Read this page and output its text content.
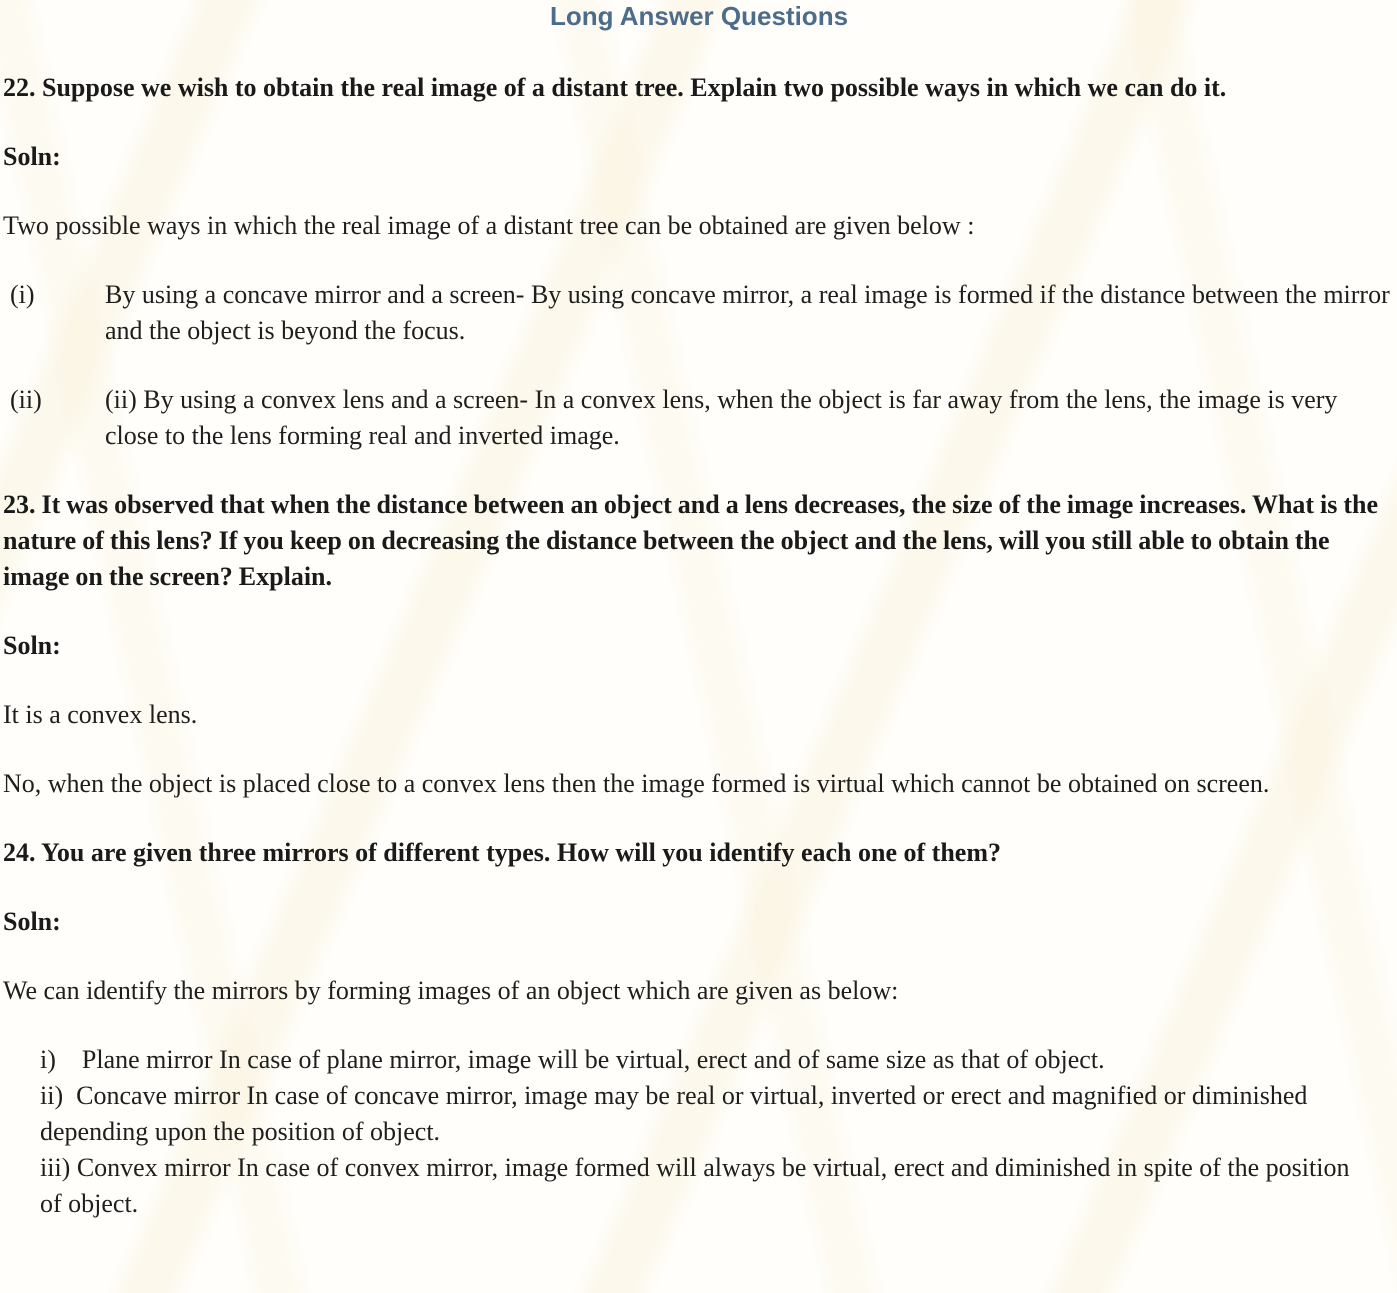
Long Answer Questions

22. Suppose we wish to obtain the real image of a distant tree. Explain two possible ways in which we can do it.

Soln:

Two possible ways in which the real image of a distant tree can be obtained are given below :

(i)	By using a concave mirror and a screen- By using concave mirror, a real image is formed if the distance between the mirror and the object is beyond the focus.
(ii)	(ii) By using a convex lens and a screen- In a convex lens, when the object is far away from the lens, the image is very close to the lens forming real and inverted image.

23. It was observed that when the distance between an object and a lens decreases, the size of the image increases. What is the nature of this lens? If you keep on decreasing the distance between the object and the lens, will you still able to obtain the image on the screen? Explain.

Soln:

It is a convex lens.

No, when the object is placed close to a convex lens then the image formed is virtual which cannot be obtained on screen.

24. You are given three mirrors of different types. How will you identify each one of them?

Soln:

We can identify the mirrors by forming images of an object which are given as below:

i)    Plane mirror In case of plane mirror, image will be virtual, erect and of same size as that of object.

ii)  Concave mirror In case of concave mirror, image may be real or virtual, inverted or erect and magnified or diminished depending upon the position of object.

iii) Convex mirror In case of convex mirror, image formed will always be virtual, erect and diminished in spite of the position of object.
